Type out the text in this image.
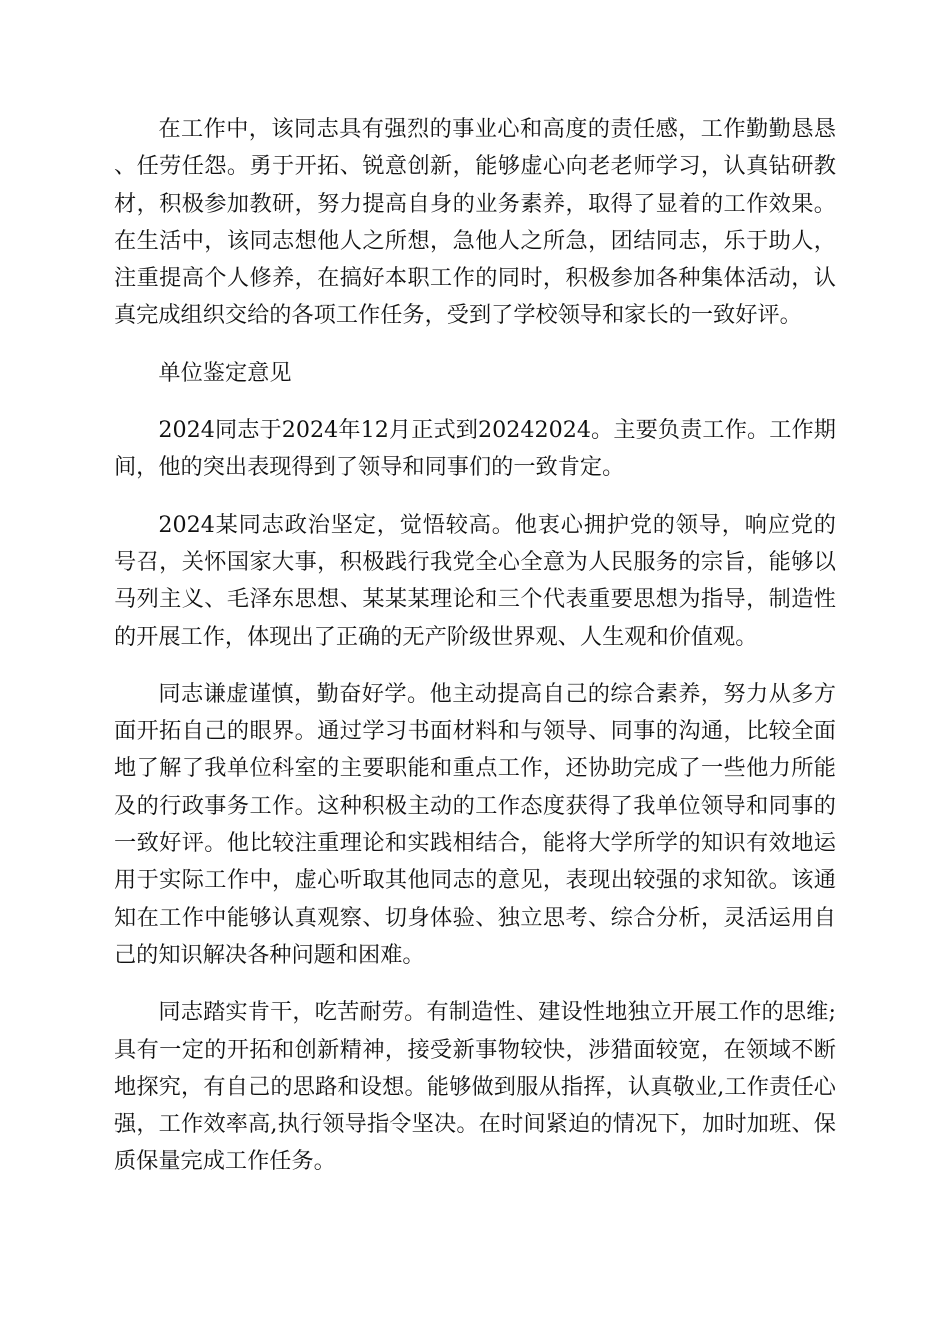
在工作中，该同志具有强烈的事业心和高度的责任感，工作勤勤恳恳、任劳任怨。勇于开拓、锐意创新，能够虚心向老老师学习，认真钻研教材，积极参加教研，努力提高自身的业务素养，取得了显着的工作效果。在生活中，该同志想他人之所想，急他人之所急，团结同志，乐于助人，注重提高个人修养，在搞好本职工作的同时，积极参加各种集体活动，认真完成组织交给的各项工作任务，受到了学校领导和家长的一致好评。

单位鉴定意见

2024同志于2024年12月正式到20242024。主要负责工作。工作期间，他的突出表现得到了领导和同事们的一致肯定。

2024某同志政治坚定，觉悟较高。他衷心拥护党的领导，响应党的号召，关怀国家大事，积极践行我党全心全意为人民服务的宗旨，能够以马列主义、毛泽东思想、某某某理论和三个代表重要思想为指导，制造性的开展工作，体现出了正确的无产阶级世界观、人生观和价值观。

同志谦虚谨慎，勤奋好学。他主动提高自己的综合素养，努力从多方面开拓自己的眼界。通过学习书面材料和与领导、同事的沟通，比较全面地了解了我单位科室的主要职能和重点工作，还协助完成了一些他力所能及的行政事务工作。这种积极主动的工作态度获得了我单位领导和同事的一致好评。他比较注重理论和实践相结合，能将大学所学的知识有效地运用于实际工作中，虚心听取其他同志的意见，表现出较强的求知欲。该通知在工作中能够认真观察、切身体验、独立思考、综合分析，灵活运用自己的知识解决各种问题和困难。

同志踏实肯干，吃苦耐劳。有制造性、建设性地独立开展工作的思维;具有一定的开拓和创新精神，接受新事物较快，涉猎面较宽，在领域不断地探究，有自己的思路和设想。能够做到服从指挥，认真敬业,工作责任心强，工作效率高,执行领导指令坚决。在时间紧迫的情况下，加时加班、保质保量完成工作任务。
